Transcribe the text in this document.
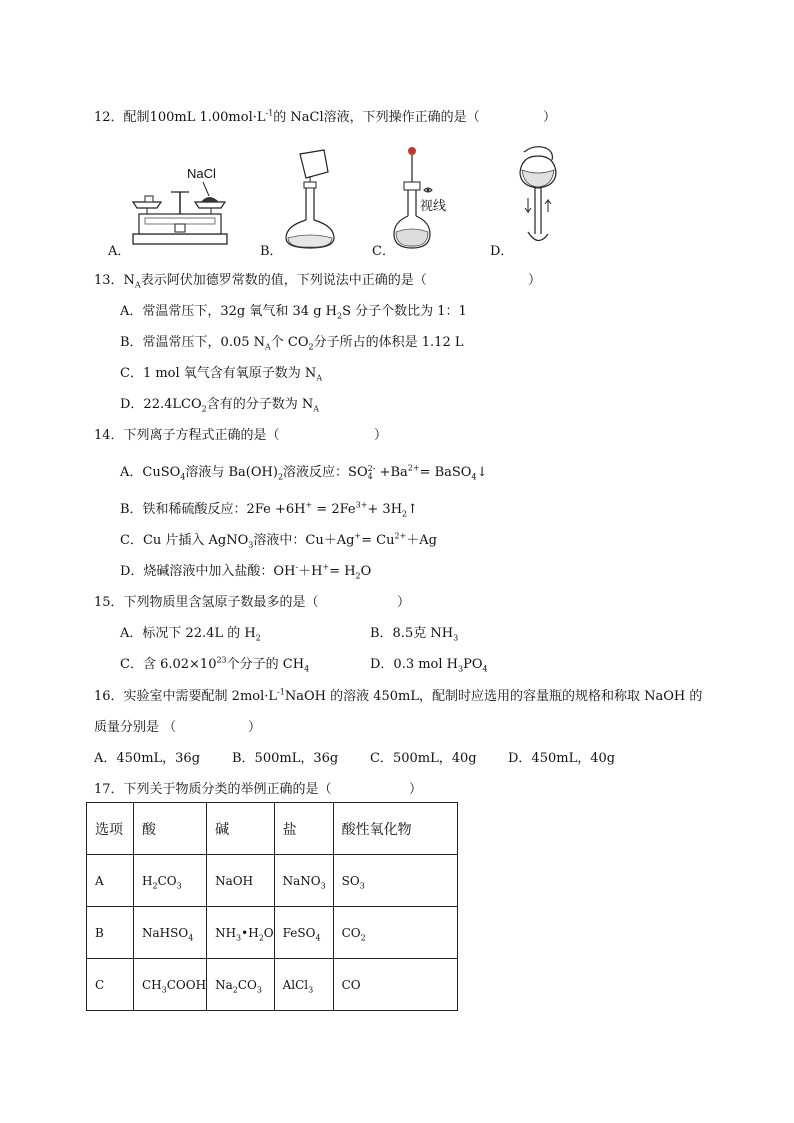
12．配制100mL $1.00mol\cdot L^{-1}$的 NaCl溶液，下列操作正确的是（	）
NaCl
视线
A．	B．	C．	D．
13．$N_A$表示阿伏加德罗常数的值，下列说法中正确的是（	）
A．常温常压下，32g 氧气和 34 g $H_2S$ 分子个数比为 1：1
B．常温常压下，0.05 $N_A$个 $CO_2$分子所占的体积是 1.12 L
C．1 mol 氧气含有氧原子数为 $N_A$
D．$22.4LCO_2$含有的分子数为 $N_A$
14．下列离子方程式正确的是（	）
A．CuSO$_4$溶液与 $Ba(OH)_2$溶液反应：SO2-
$4 +Ba^{2+}=$ BaSO$_4$↓
B．铁和稀硫酸反应：$2Fe +6H^+ = 2Fe^{3+}+$ $3H_2↑$
C．Cu 片插入 AgNO$_3$溶液中：$Cu+Ag^+= Cu^{2+}+Ag$
D．烧碱溶液中加入盐酸：$OH^-+H^+= H_2O$
15．下列物质里含氢原子数最多的是（	）
A．标况下 22.4L 的 $H_2$	B．8.5克 $NH_3$
C．含 $6.02\times 10^{23}$个分子的 $CH_4$	D．0.3 mol $H_3PO_4$
16．实验室中需要配制 $2mol\cdot L^{-1}NaOH$ 的溶液 450mL，配制时应选用的容量瓶的规格和称取 NaOH 的
质量分别是 （	）
A．450mL，36g B．500mL，36g C．500mL，40g D．450mL，40g
17．下列关于物质分类的举例正确的是（	）
选项	酸	碱	盐	酸性氧化物
A	$H_2CO_3$	NaOH	NaNO$_3$	$SO_3$
B	NaHSO$_4$	$NH_3•H_2O$	FeSO$_4$	$CO_2$
C	$CH_3COOH$	$Na_2CO_3$	AlCl$_3$	CO
